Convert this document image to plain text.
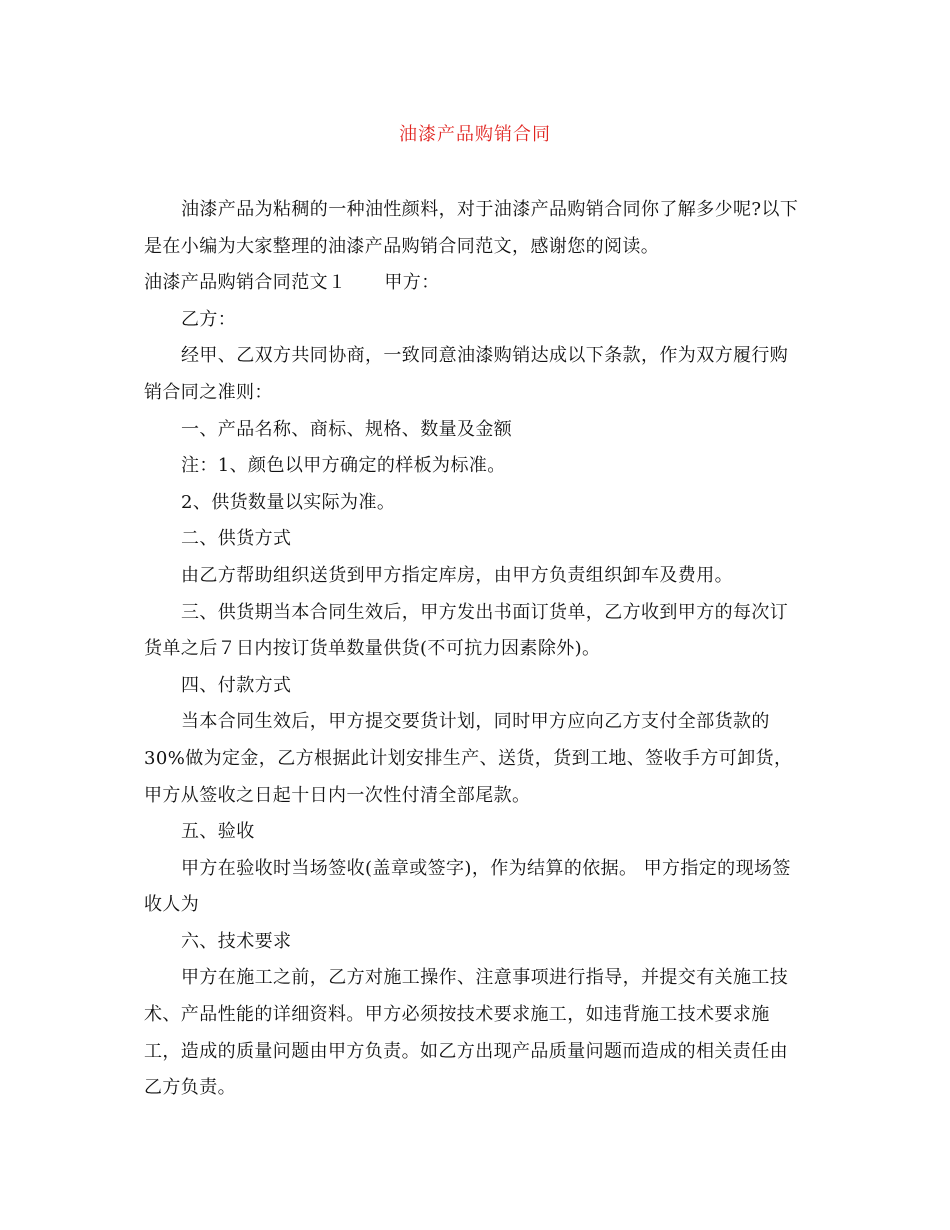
油漆产品购销合同

油漆产品为粘稠的一种油性颜料，对于油漆产品购销合同你了解多少呢?以下

是在小编为大家整理的油漆产品购销合同范文，感谢您的阅读。

油漆产品购销合同范文１ 甲方：

乙方：

经甲、乙双方共同协商，一致同意油漆购销达成以下条款，作为双方履行购

销合同之准则：

一、产品名称、商标、规格、数量及金额

注：1、颜色以甲方确定的样板为标准。

2、供货数量以实际为准。

二、供货方式

由乙方帮助组织送货到甲方指定库房，由甲方负责组织卸车及费用。

三、供货期当本合同生效后，甲方发出书面订货单，乙方收到甲方的每次订

货单之后７日内按订货单数量供货(不可抗力因素除外)。

四、付款方式

当本合同生效后，甲方提交要货计划，同时甲方应向乙方支付全部货款的

30%做为定金，乙方根据此计划安排生产、送货，货到工地、签收手方可卸货，

甲方从签收之日起十日内一次性付清全部尾款。

五、验收

甲方在验收时当场签收(盖章或签字)，作为结算的依据。 甲方指定的现场签

收人为

六、技术要求

甲方在施工之前，乙方对施工操作、注意事项进行指导，并提交有关施工技

术、产品性能的详细资料。甲方必须按技术要求施工，如违背施工技术要求施

工，造成的质量问题由甲方负责。如乙方出现产品质量问题而造成的相关责任由

乙方负责。
